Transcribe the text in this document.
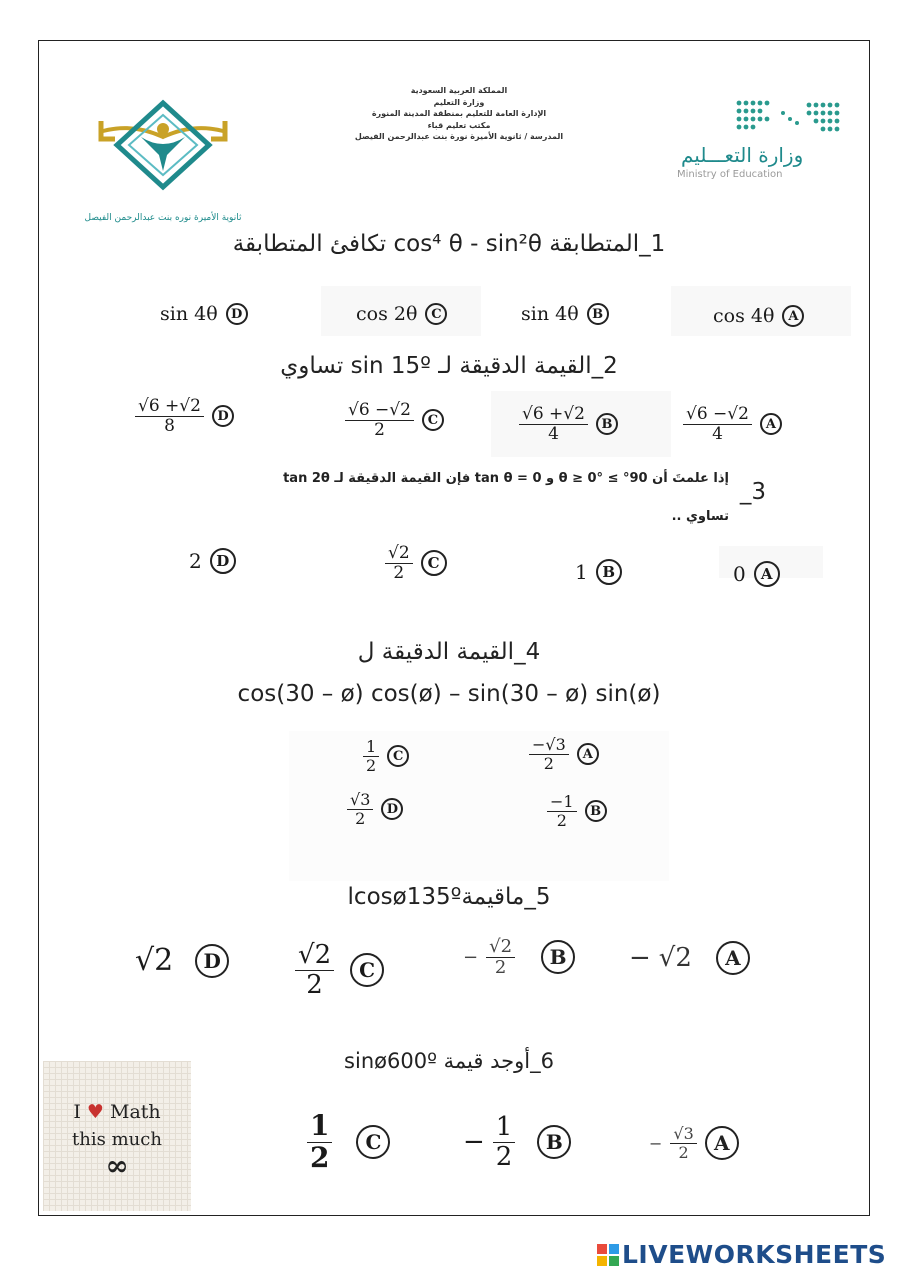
ثانوية الأميرة نوره بنت عبدالرحمن الفيصل
المملكة العربية السعودية
وزارة التعليم
الإدارة العامة للتعليم بمنطقة المدينة المنورة
مكتب تعليم قباء
المدرسة / ثانوية الأميرة نورة بنت عبدالرحمن الفيصل
وزارة التعـــليم
Ministry of Education
1_المتطابقة cos⁴ θ - sin²θ تكافئ المتطابقة
sin 4θ	D	cos 2θ	C	sin 4θ	B	cos 4θ	A
2_القيمة الدقيقة لـ sin 15º تساوي
$\frac{√6 +√2}{8}$	D	$\frac{√6 -√2}{2}$	C	$\frac{√6 +√2}{4}$	B	$\frac{√6 -√2}{4}$	A
إذا علمتَ أن 90° ≥ θ ≥ 0° و tan θ = 0 فإن القيمة الدقيقة لـ tan 2θ
تساوي ..
_3
2 D	$\frac{√2}{2}$	C	1 B	0	A
4_القيمة الدقيقة ل
cos(30 – ø) cos(ø) – sin(30 – ø) sin(ø)
$\frac{1}{2}$	C	$\frac{-√3}{2}$	A
$\frac{√3}{2}$	D	$\frac{-1}{2}$	B
5_ماقيمةcosø135ºا
√2	D	$\frac{√2}{2}$	C
− $\frac{√2}{2}$	B	− √2	A
6_أوجد قيمة sinø600º
$\frac{1}{2}$	C	− $\frac{1}{2}$	B	− $\frac{√3}{2}$ A
I ♥ Math
this much
∞
LIVEWORKSHEETS
